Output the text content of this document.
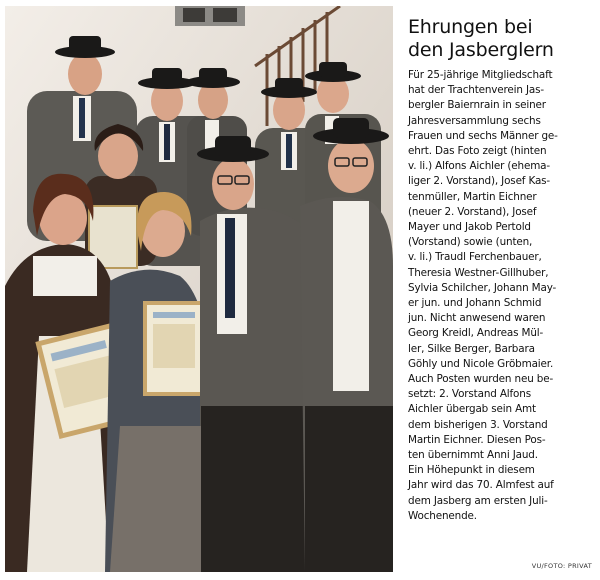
Ehrungen bei
den Jasberglern

Für 25-jährige Mitgliedschaft
hat der Trachtenverein Jas-
bergler Baiernrain in seiner
Jahresversammlung sechs
Frauen und sechs Männer ge-
ehrt. Das Foto zeigt (hinten
v. li.) Alfons Aichler (ehema-
liger 2. Vorstand), Josef Kas-
tenmüller, Martin Eichner
(neuer 2. Vorstand), Josef
Mayer und Jakob Pertold
(Vorstand) sowie (unten,
v. li.) Traudl Ferchenbauer,
Theresia Westner-Gillhuber,
Sylvia Schilcher, Johann May-
er jun. und Johann Schmid
jun. Nicht anwesend waren
Georg Kreidl, Andreas Mül-
ler, Silke Berger, Barbara
Göhly und Nicole Gröbmaier.
Auch Posten wurden neu be-
setzt: 2. Vorstand Alfons
Aichler übergab sein Amt
dem bisherigen 3. Vorstand
Martin Eichner. Diesen Pos-
ten übernimmt Anni Jaud.
Ein Höhepunkt in diesem
Jahr wird das 70. Almfest auf
dem Jasberg am ersten Juli-
Wochenende.

VU/FOTO: PRIVAT
